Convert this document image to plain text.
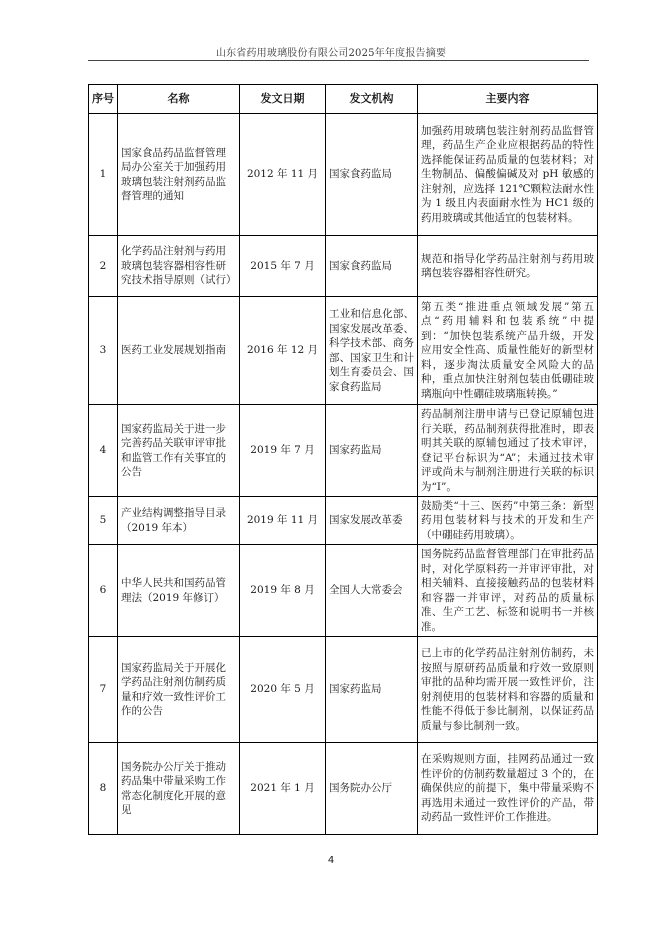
山东省药用玻璃股份有限公司2025年年度报告摘要
序号	名称	发文日期	发文机构	主要内容
1	国家食品药品监督管理局办公室关于加强药用玻璃包装注射剂药品监督管理的通知	2012 年 11 月	国家食药监局	加强药用玻璃包装注射剂药品监督管理，药品生产企业应根据药品的特性选择能保证药品质量的包装材料；对生物制品、偏酸偏碱及对 pH 敏感的注射剂，应选择 121℃颗粒法耐水性为 1 级且内表面耐水性为 HC1 级的药用玻璃或其他适宜的包装材料。
2	化学药品注射剂与药用玻璃包装容器相容性研究技术指导原则（试行）	2015 年 7 月	国家食药监局	规范和指导化学药品注射剂与药用玻璃包装容器相容性研究。
3	医药工业发展规划指南	2016 年 12 月	工业和信息化部、国家发展改革委、科学技术部、商务部、国家卫生和计划生育委员会、国家食药监局	第五类“推进重点领域发展”第五点“药用辅料和包装系统”中提到：“加快包装系统产品升级，开发应用安全性高、质量性能好的新型材料，逐步淘汰质量安全风险大的品种，重点加快注射剂包装由低硼硅玻璃瓶向中性硼硅玻璃瓶转换。”
4	国家药监局关于进一步完善药品关联审评审批和监管工作有关事宜的公告	2019 年 7 月	国家药监局	药品制剂注册申请与已登记原辅包进行关联，药品制剂获得批准时，即表明其关联的原辅包通过了技术审评，登记平台标识为“A”；未通过技术审评或尚未与制剂注册进行关联的标识为“I”。
5	产业结构调整指导目录（2019 年本）	2019 年 11 月	国家发展改革委	鼓励类“十三、医药”中第三条：新型药用包装材料与技术的开发和生产（中硼硅药用玻璃）。
6	中华人民共和国药品管理法（2019 年修订）	2019 年 8 月	全国人大常委会	国务院药品监督管理部门在审批药品时，对化学原料药一并审评审批，对相关辅料、直接接触药品的包装材料和容器一并审评，对药品的质量标准、生产工艺、标签和说明书一并核准。
7	国家药监局关于开展化学药品注射剂仿制药质量和疗效一致性评价工作的公告	2020 年 5 月	国家药监局	已上市的化学药品注射剂仿制药，未按照与原研药品质量和疗效一致原则审批的品种均需开展一致性评价，注射剂使用的包装材料和容器的质量和性能不得低于参比制剂，以保证药品质量与参比制剂一致。
8	国务院办公厅关于推动药品集中带量采购工作常态化制度化开展的意见	2021 年 1 月	国务院办公厅	在采购规则方面，挂网药品通过一致性评价的仿制药数量超过 3 个的，在确保供应的前提下，集中带量采购不再选用未通过一致性评价的产品，带动药品一致性评价工作推进。
4
